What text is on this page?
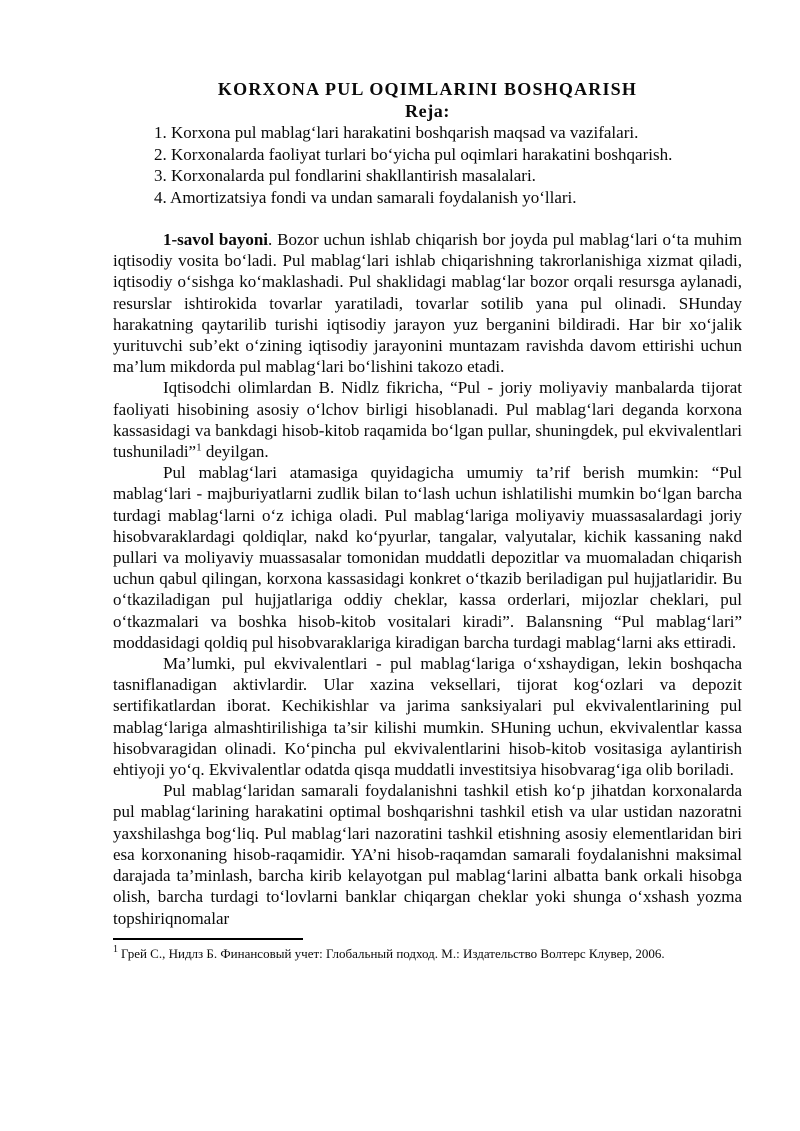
KORXONA PUL OQIMLARINI BOSHQARISH
Reja:
1. Korxona pul mablag‘lari harakatini boshqarish maqsad va vazifalari.
2. Korxonalarda faoliyat turlari bo‘yicha pul oqimlari harakatini boshqarish.
3. Korxonalarda pul fondlarini shakllantirish masalalari.
4. Amortizatsiya fondi va undan samarali foydalanish yo‘llari.

1-savol bayoni. Bozor uchun ishlab chiqarish bor joyda pul mablag‘lari o‘ta muhim iqtisodiy vosita bo‘ladi. Pul mablag‘lari ishlab chiqarishning takrorlanishiga xizmat qiladi, iqtisodiy o‘sishga ko‘maklashadi. Pul shaklidagi mablag‘lar bozor orqali resursga aylanadi, resurslar ishtirokida tovarlar yaratiladi, tovarlar sotilib yana pul olinadi. SHunday harakatning qaytarilib turishi iqtisodiy jarayon yuz berganini bildiradi. Har bir xo‘jalik yurituvchi sub’ekt o‘zining iqtisodiy jarayonini muntazam ravishda davom ettirishi uchun ma’lum mikdorda pul mablag‘lari bo‘lishini takozo etadi.

Iqtisodchi olimlardan B. Nidlz fikricha, “Pul - joriy moliyaviy manbalarda tijorat faoliyati hisobining asosiy o‘lchov birligi hisoblanadi. Pul mablag‘lari deganda korxona kassasidagi va bankdagi hisob-kitob raqamida bo‘lgan pullar, shuningdek, pul ekvivalentlari tushuniladi”$^1$ deyilgan.

Pul mablag‘lari atamasiga quyidagicha umumiy ta’rif berish mumkin: “Pul mablag‘lari - majburiyatlarni zudlik bilan to‘lash uchun ishlatilishi mumkin bo‘lgan barcha turdagi mablag‘larni o‘z ichiga oladi. Pul mablag‘lariga moliyaviy muassasalardagi joriy hisobvaraklardagi qoldiqlar, nakd ko‘pyurlar, tangalar, valyutalar, kichik kassaning nakd pullari va moliyaviy muassasalar tomonidan muddatli depozitlar va muomaladan chiqarish uchun qabul qilingan, korxona kassasidagi konkret o‘tkazib beriladigan pul hujjatlaridir. Bu o‘tkaziladigan pul hujjatlariga oddiy cheklar, kassa orderlari, mijozlar cheklari, pul o‘tkazmalari va boshka hisob-kitob vositalari kiradi”. Balansning “Pul mablag‘lari” moddasidagi qoldiq pul hisobvaraklariga kiradigan barcha turdagi mablag‘larni aks ettiradi.

Ma’lumki, pul ekvivalentlari - pul mablag‘lariga o‘xshaydigan, lekin boshqacha tasniflanadigan aktivlardir. Ular xazina veksellari, tijorat kog‘ozlari va depozit sertifikatlardan iborat. Kechikishlar va jarima sanksiyalari pul ekvivalentlarining pul mablag‘lariga almashtirilishiga ta’sir kilishi mumkin. SHuning uchun, ekvivalentlar kassa hisobvaragidan olinadi. Ko‘pincha pul ekvivalentlarini hisob-kitob vositasiga aylantirish ehtiyoji yo‘q. Ekvivalentlar odatda qisqa muddatli investitsiya hisobvarag‘iga olib boriladi.

Pul mablag‘laridan samarali foydalanishni tashkil etish ko‘p jihatdan korxonalarda pul mablag‘larining harakatini optimal boshqarishni tashkil etish va ular ustidan nazoratni yaxshilashga bog‘liq. Pul mablag‘lari nazoratini tashkil etishning asosiy elementlaridan biri esa korxonaning hisob-raqamidir. YA’ni hisob-raqamdan samarali foydalanishni maksimal darajada ta’minlash, barcha kirib kelayotgan pul mablag‘larini albatta bank orkali hisobga olish, barcha turdagi to‘lovlarni banklar chiqargan cheklar yoki shunga o‘xshash yozma topshiriqnomalar

$^1$ Грей С., Нидлз Б. Финансовый учет: Глобальный подход. М.: Издательство Волтерс Клувер, 2006.
